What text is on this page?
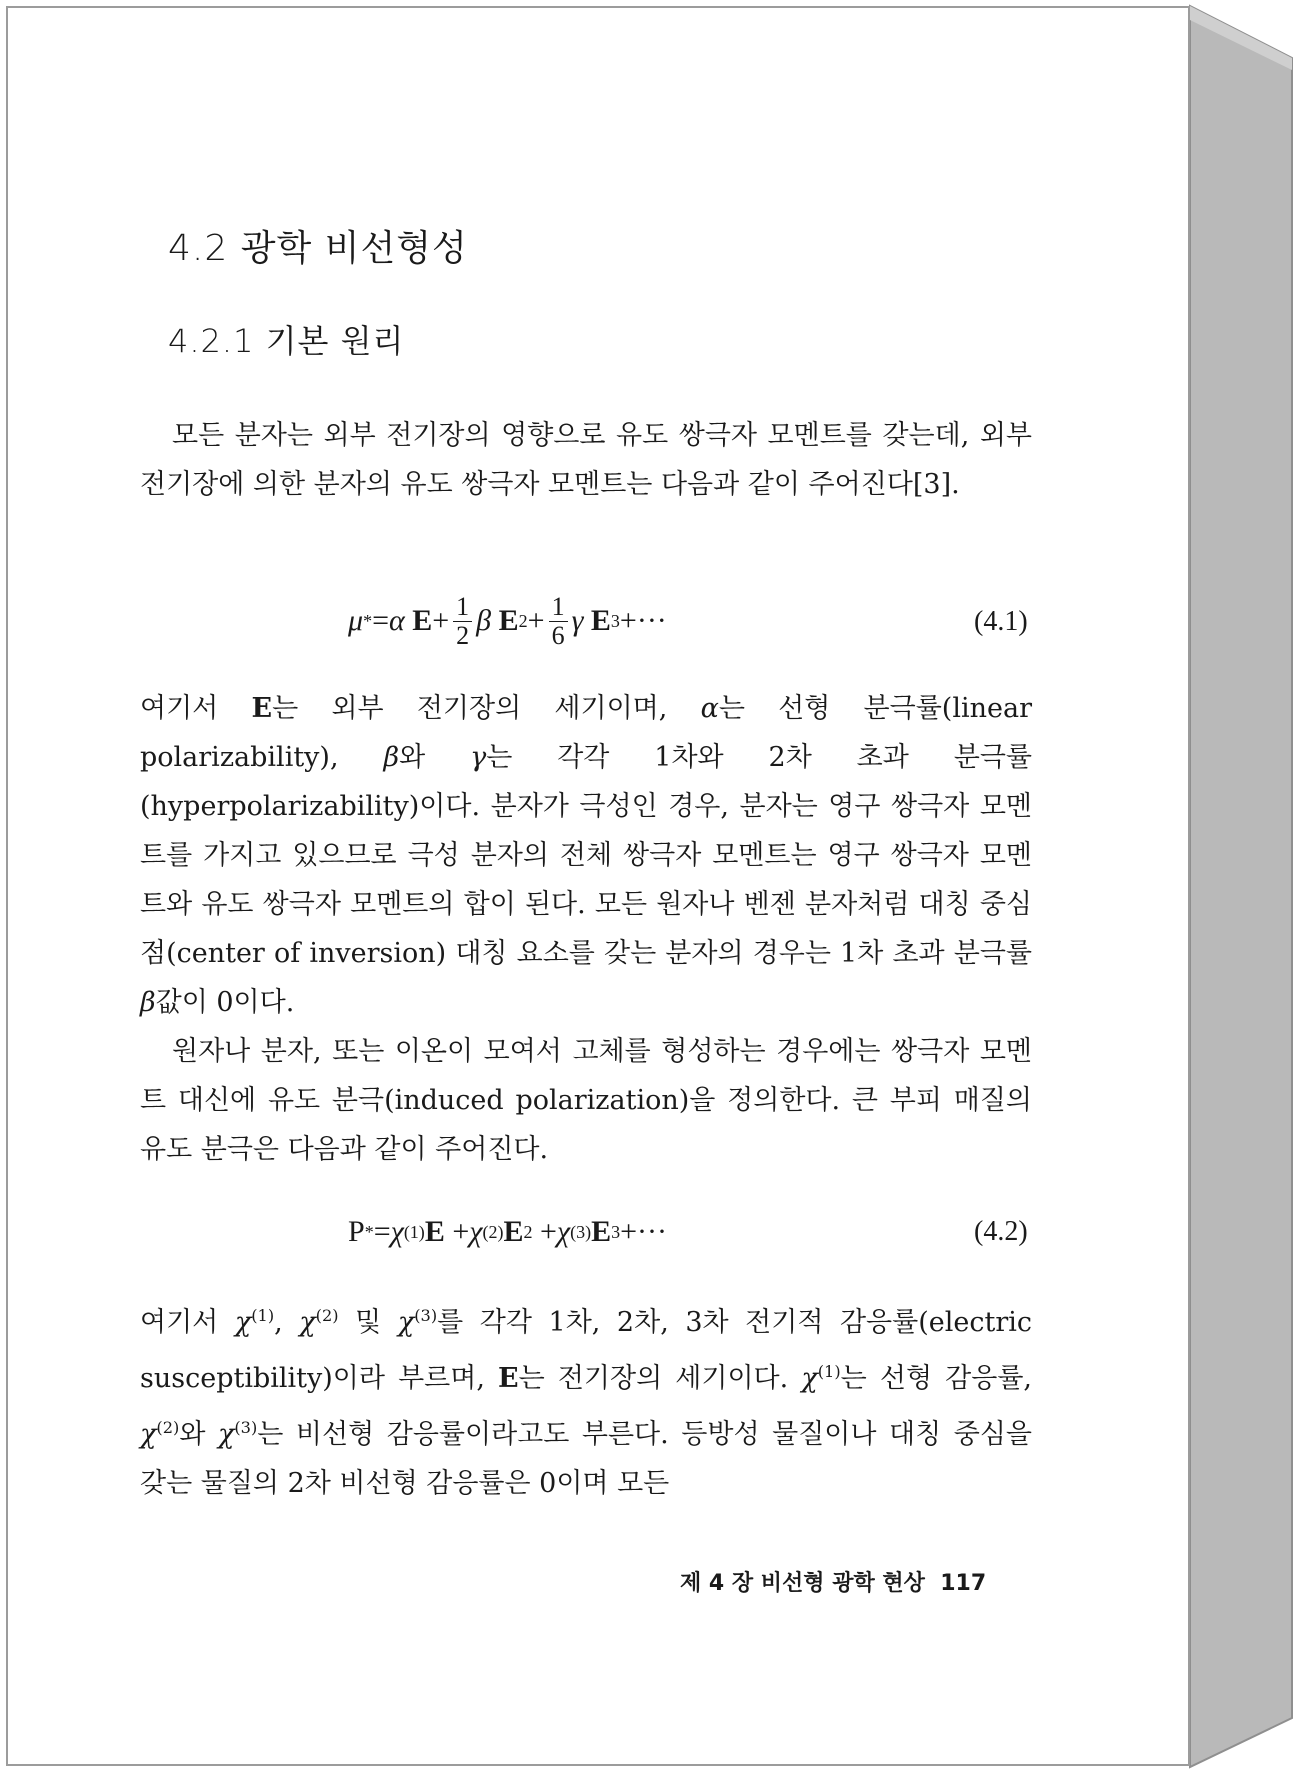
4.2 광학 비선형성
4.2.1 기본 원리

모든 분자는 외부 전기장의 영향으로 유도 쌍극자 모멘트를 갖는데, 외부 전기장에 의한 분자의 유도 쌍극자 모멘트는 다음과 같이 주어진다[3].

μ * = α
$E + \frac{1}{2}$ β
E $2 + \frac{1}{6}$ γ
E 3 +···	(4.1)

여기서 E는 외부 전기장의 세기이며, α는 선형 분극률(linear polarizability), β와 γ는 각각 1차와 2차 초과 분극률(hyperpolarizability)이다. 분자가 극성인 경우, 분자는 영구 쌍극자 모멘트를 가지고 있으므로 극성 분자의 전체 쌍극자 모멘트는 영구 쌍극자 모멘트와 유도 쌍극자 모멘트의 합이 된다. 모든 원자나 벤젠 분자처럼 대칭 중심점(center of inversion) 대칭 요소를 갖는 분자의 경우는 1차 초과 분극률 β값이 0이다.
원자나 분자, 또는 이온이 모여서 고체를 형성하는 경우에는 쌍극자 모멘트 대신에 유도 분극(induced polarization)을 정의한다. 큰 부피 매질의 유도 분극은 다음과 같이 주어진다.

P * = χ (1) E
+ χ (2) E 2
+ χ (3) E 3 +···	(4.2)

여기서 $\chi^{(1)}$, $\chi^{(2)}$ 및 $\chi^{(3)}$를 각각 1차, 2차, 3차 전기적 감응률(electric susceptibility)이라 부르며, E는 전기장의 세기이다. $\chi^{(1)}$는 선형 감응률, $\chi^{(2)}$와 $\chi^{(3)}$는 비선형 감응률이라고도 부른다. 등방성 물질이나 대칭 중심을 갖는 물질의 2차 비선형 감응률은 0이며 모든

제 4 장 비선형 광학 현상 117
